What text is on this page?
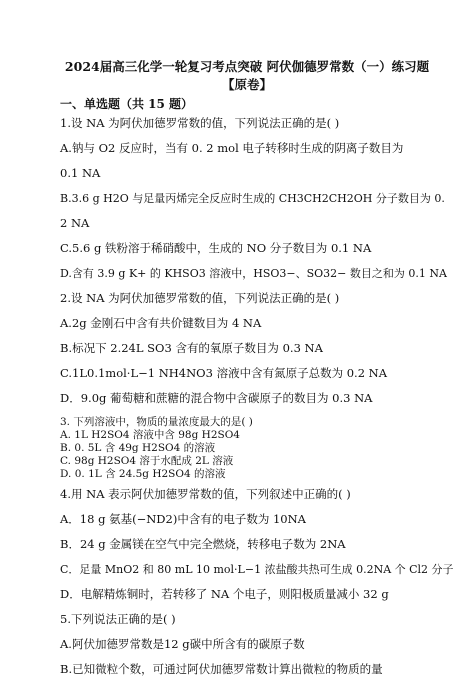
2024届高三化学一轮复习考点突破 阿伏伽德罗常数（一）练习题
【原卷】
一、单选题（共 15 题）
1.设 NA 为阿伏加德罗常数的值，下列说法正确的是( )
A.钠与 O2 反应时，当有 0. 2 mol 电子转移时生成的阴离子数目为
0.1 NA
B.3.6 g H2O 与足量丙烯完全反应时生成的 CH3CH2CH2OH 分子数目为 0.
2 NA
C.5.6 g 铁粉溶于稀硝酸中，生成的 NO 分子数目为 0.1 NA
D.含有 3.9 g K+ 的 KHSO3 溶液中，HSO3−、SO32− 数目之和为 0.1 NA
2.设 NA 为阿伏加德罗常数的值，下列说法正确的是( )
A.2g 金刚石中含有共价键数目为 4 NA
B.标况下 2.24L SO3 含有的氧原子数目为 0.3 NA
C.1L0.1mol·L−1 NH4NO3 溶液中含有氮原子总数为 0.2 NA
D．9.0g 葡萄糖和蔗糖的混合物中含碳原子的数目为 0.3 NA
3. 下列溶液中，物质的量浓度最大的是( )
A. 1L H2SO4 溶液中含 98g H2SO4
B. 0. 5L 含 49g H2SO4 的溶液
C. 98g H2SO4 溶于水配成 2L 溶液
D. 0. 1L 含 24.5g H2SO4 的溶液
4.用 NA 表示阿伏加德罗常数的值，下列叙述中正确的( )
A．18 g 氨基(−ND2)中含有的电子数为 10NA
B．24 g 金属镁在空气中完全燃烧，转移电子数为 2NA
C．足量 MnO2 和 80 mL 10 mol·L−1 浓盐酸共热可生成 0.2NA 个 Cl2 分子
D．电解精炼铜时，若转移了 NA 个电子，则阳极质量减小 32 g
5.下列说法正确的是( )
A.阿伏加德罗常数是12 g碳中所含有的碳原子数
B.已知微粒个数，可通过阿伏加德罗常数计算出微粒的物质的量
